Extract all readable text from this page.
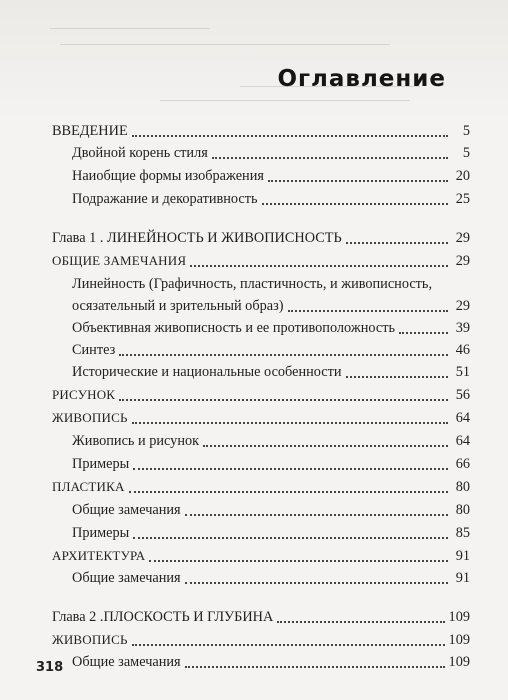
Оглавление
ВВЕДЕНИЕ	5
Двойной корень стиля	5
Наиобщие формы изображения	20
Подражание и декоративность	25
Глава 1 . ЛИНЕЙНОСТЬ И ЖИВОПИСНОСТЬ	29
ОБЩИЕ ЗАМЕЧАНИЯ	29
Линейность (Графичность, пластичность, и живописность,
осязательный и зрительный образ)	29
Объективная живописность и ее противоположность	39
Синтез	46
Исторические и национальные особенности	51
РИСУНОК	56
ЖИВОПИСЬ	64
Живопись и рисунок	64
Примеры	66
ПЛАСТИКА	80
Общие замечания	80
Примеры	85
АРХИТЕКТУРА	91
Общие замечания	91
Глава 2 .ПЛОСКОСТЬ И ГЛУБИНА	109
ЖИВОПИСЬ	109
Общие замечания	109
318
